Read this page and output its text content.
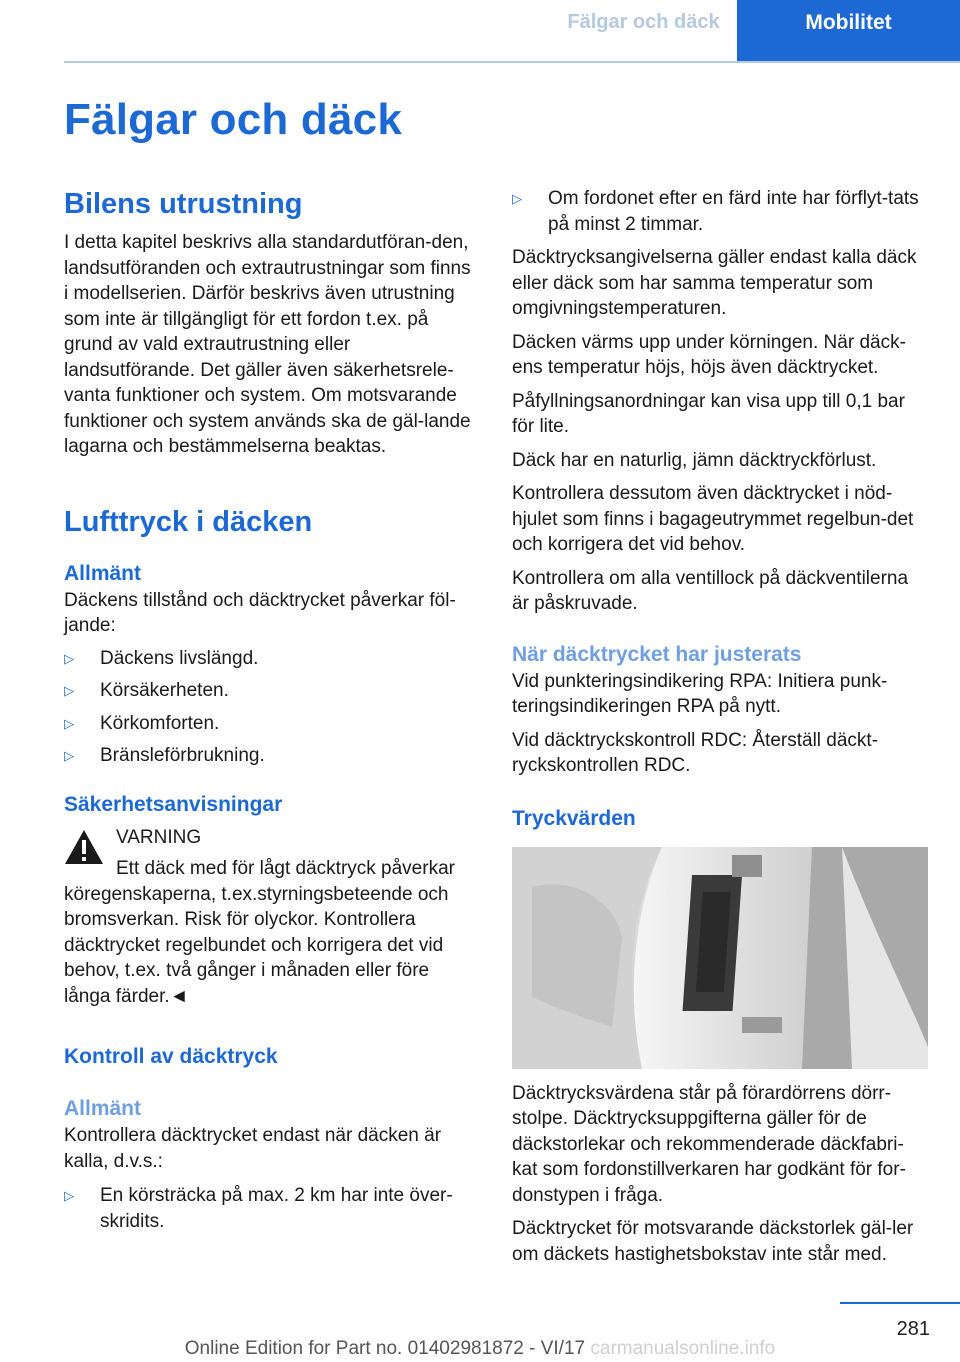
Fälgar och däck	Mobilitet
Fälgar och däck
Bilens utrustning

I detta kapitel beskrivs alla standardutföran-den, landsutföranden och extrautrustningar som finns i modellserien. Därför beskrivs även utrustning som inte är tillgängligt för ett fordon t.ex. på grund av vald extrautrustning eller landsutförande. Det gäller även säkerhetsrele-vanta funktioner och system. Om motsvarande funktioner och system används ska de gäl-lande lagarna och bestämmelserna beaktas.

Lufttryck i däcken
Allmänt

Däckens tillstånd och däcktrycket påverkar föl-jande:

▷ Däckens livslängd.
▷ Körsäkerheten.
▷ Körkomforten.
▷ Bränsleförbrukning.
Säkerhetsanvisningar

VARNING

Ett däck med för lågt däcktryck påverkar köregenskaperna, t.ex.styrningsbeteende och bromsverkan. Risk för olyckor. Kontrollera däcktrycket regelbundet och korrigera det vid behov, t.ex. två gånger i månaden eller före långa färder.◄

Kontroll av däcktryck
Allmänt

Kontrollera däcktrycket endast när däcken är kalla, d.v.s.:

▷ En körsträcka på max. 2 km har inte över-skridits.
▷ Om fordonet efter en färd inte har förflyt-tats på minst 2 timmar.

Däcktrycksangivelserna gäller endast kalla däck eller däck som har samma temperatur som omgivningstemperaturen.

Däcken värms upp under körningen. När däck-ens temperatur höjs, höjs även däcktrycket.

Påfyllningsanordningar kan visa upp till 0,1 bar för lite.

Däck har en naturlig, jämn däcktryckförlust.

Kontrollera dessutom även däcktrycket i nöd-hjulet som finns i bagageutrymmet regelbun-det och korrigera det vid behov.

Kontrollera om alla ventillock på däckventilerna är påskruvade.

När däcktrycket har justerats

Vid punkteringsindikering RPA: Initiera punk-teringsindikeringen RPA på nytt.

Vid däcktryckskontroll RDC: Återställ däckt-ryckskontrollen RDC.

Tryckvärden

Däcktrycksvärdena står på förardörrens dörr-stolpe. Däcktrycksuppgifterna gäller för de däckstorlekar och rekommenderade däckfabri-kat som fordonstillverkaren har godkänt för for-donstypen i fråga.

Däcktrycket för motsvarande däckstorlek gäl-ler om däckets hastighetsbokstav inte står med.

281
Online Edition for Part no. 01402981872 - VI/17 carmanualsonline.info
